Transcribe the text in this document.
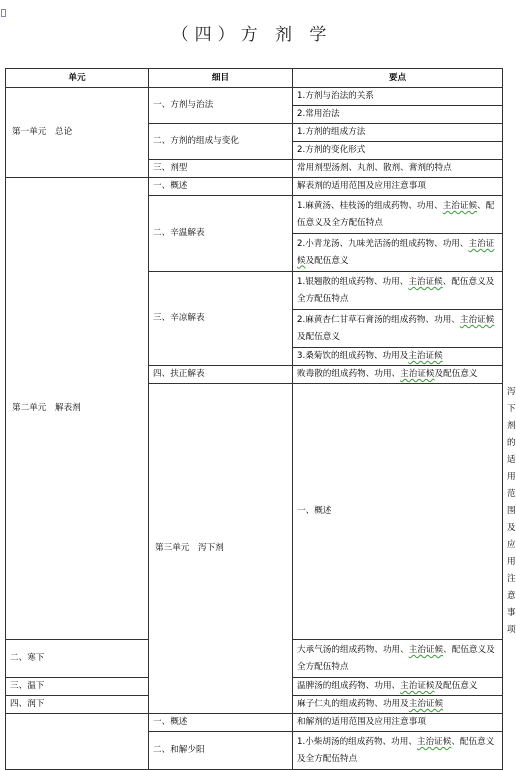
（四）方 剂 学
单元	细目	要点	
第一单元　总论	一、方剂与治法	1.方剂与治法的关系	
		2.常用治法	
	二、方剂的组成与变化	1.方剂的组成方法	
		2.方剂的变化形式	
	三、剂型	常用剂型汤剂、丸剂、散剂、膏剂的特点	
第二单元　解表剂	一、概述	解表剂的适用范围及应用注意事项	
	二、辛温解表	1.麻黄汤、桂枝汤的组成药物、功用、主治证候、配伍意义及全方配伍特点	
		2.小青龙汤、九味羌活汤的组成药物、功用、主治证候及配伍意义	
	三、辛凉解表	1.银翘散的组成药物、功用、主治证候、配伍意义及全方配伍特点	
		2.麻黄杏仁甘草石膏汤的组成药物、功用、主治证候及配伍意义	
		3.桑菊饮的组成药物、功用及主治证候	
	四、扶正解表	败毒散的组成药物、功用、主治证候及配伍意义	
	第三单元　泻下剂	一、概述	泻下剂的适用范围及应用注意事项
二、寒下		大承气汤的组成药物、功用、主治证候、配伍意义及全方配伍特点	
三、温下		温脾汤的组成药物、功用、主治证候及配伍意义	
四、润下		麻子仁丸的组成药物、功用及主治证候	
	一、概述	和解剂的适用范围及应用注意事项	
	二、和解少阳	1.小柴胡汤的组成药物、功用、主治证候、配伍意义及全方配伍特点	
